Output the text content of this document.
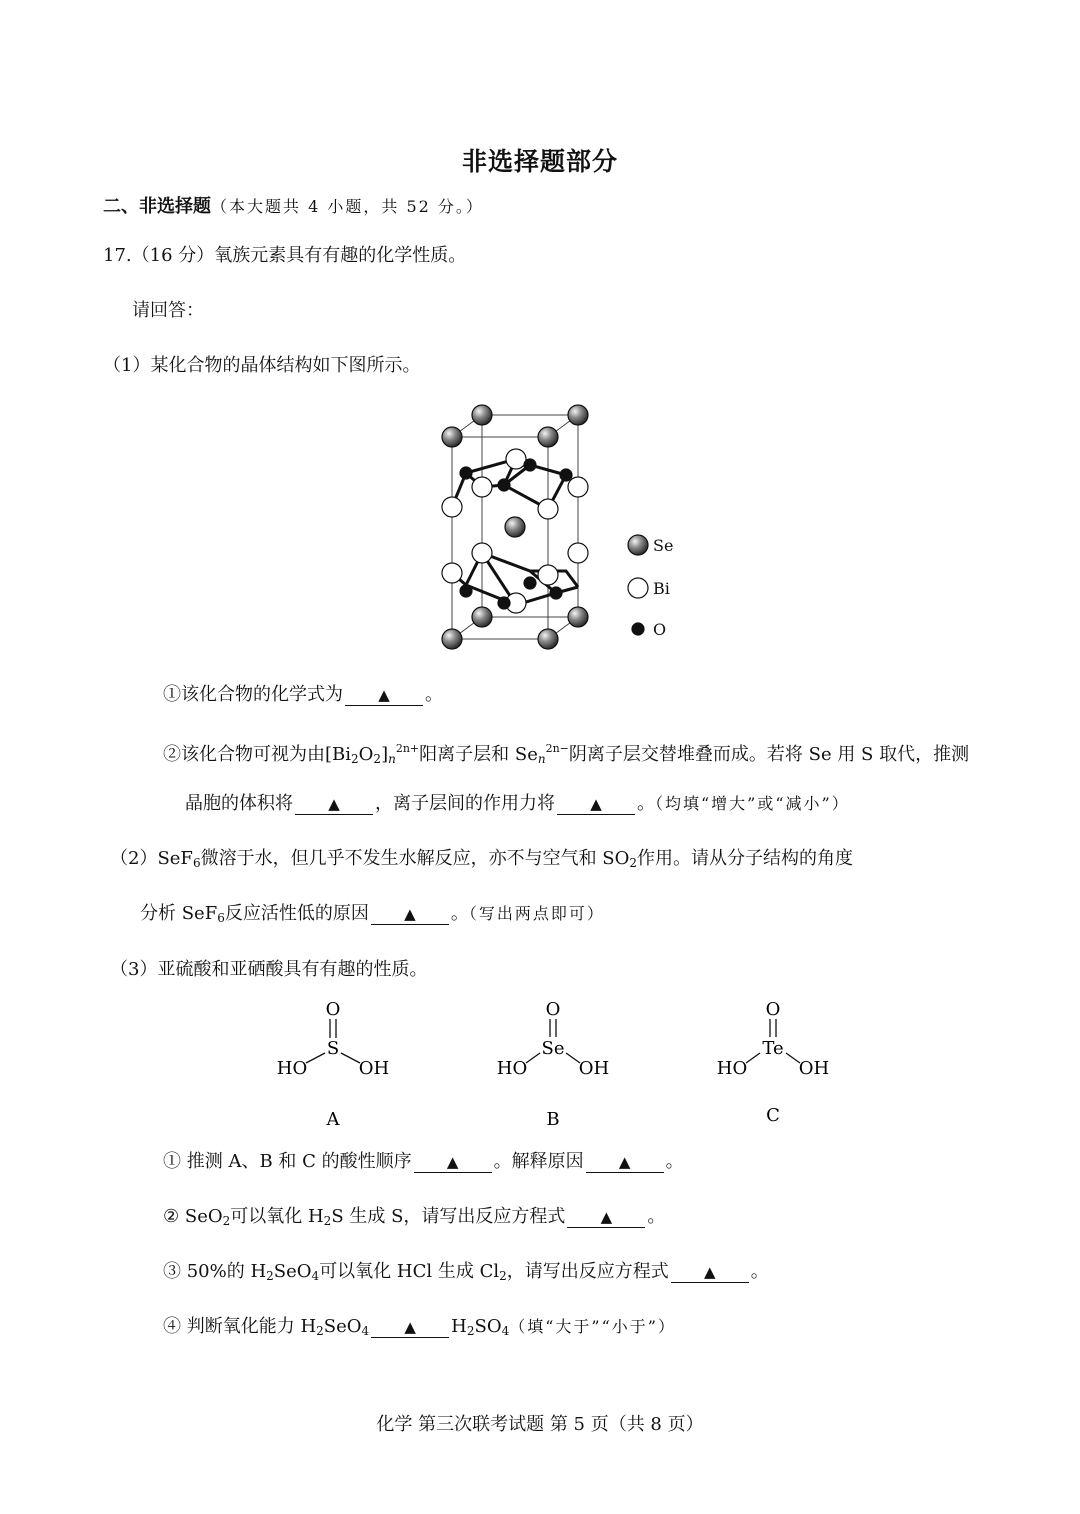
非选择题部分
二、非选择题（本大题共 4 小题，共 52 分。）
17.（16 分）氧族元素具有有趣的化学性质。
请回答：
（1）某化合物的晶体结构如下图所示。
Se
Bi
O
①该化合物的化学式为 ▲ 。
②该化合物可视为由$[Bi_2O_2]_n^{2n+}$阳离子层和 $Se_n^{2n-}$阴离子层交替堆叠而成。若将 Se 用 S 取代，推测
晶胞的体积将 ▲ ，离子层间的作用力将 ▲ 。（均填“增大”或“减小”）
（2）SeF$_6$微溶于水，但几乎不发生水解反应，亦不与空气和 $SO_2$作用。请从分子结构的角度
分析 SeF$_6$反应活性低的原因 ▲ 。（写出两点即可）
（3）亚硫酸和亚硒酸具有有趣的性质。
O
S
HO	OH
A
O
Se
HO	OH
B
O
Te
HO	OH
C
① 推测 A、B 和 C 的酸性顺序 ▲ 。解释原因 ▲ 。
② SeO$_2$可以氧化 $H_2S$ 生成 S，请写出反应方程式 ▲ 。
③ 50%的 $H_2SeO_4$可以氧化 HCl 生成 $Cl_2$，请写出反应方程式 ▲ 。
④ 判断氧化能力 $H_2SeO_4$ ▲ $H_2SO_4$（填“大于”“小于”）
化学 第三次联考试题 第 5 页（共 8 页）
